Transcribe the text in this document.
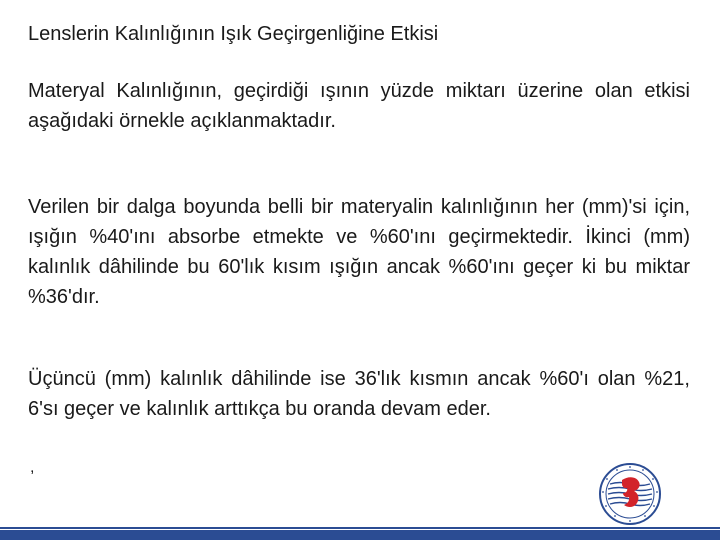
Lenslerin Kalınlığının Işık Geçirgenliğine Etkisi

Materyal Kalınlığının, geçirdiği ışının yüzde miktarı üzerine olan etkisi aşağıdaki örnekle açıklanmaktadır.

Verilen bir dalga boyunda belli bir materyalin kalınlığının her (mm)'si için, ışığın %40'ını absorbe etmekte ve %60'ını geçirmektedir. İkinci (mm) kalınlık dâhilinde bu 60'lık kısım ışığın ancak %60'ını geçer ki bu miktar %36'dır.

Üçüncü (mm) kalınlık dâhilinde ise 36'lık kısmın ancak %60'ı olan %21, 6'sı geçer ve kalınlık arttıkça bu oranda devam eder.

,
